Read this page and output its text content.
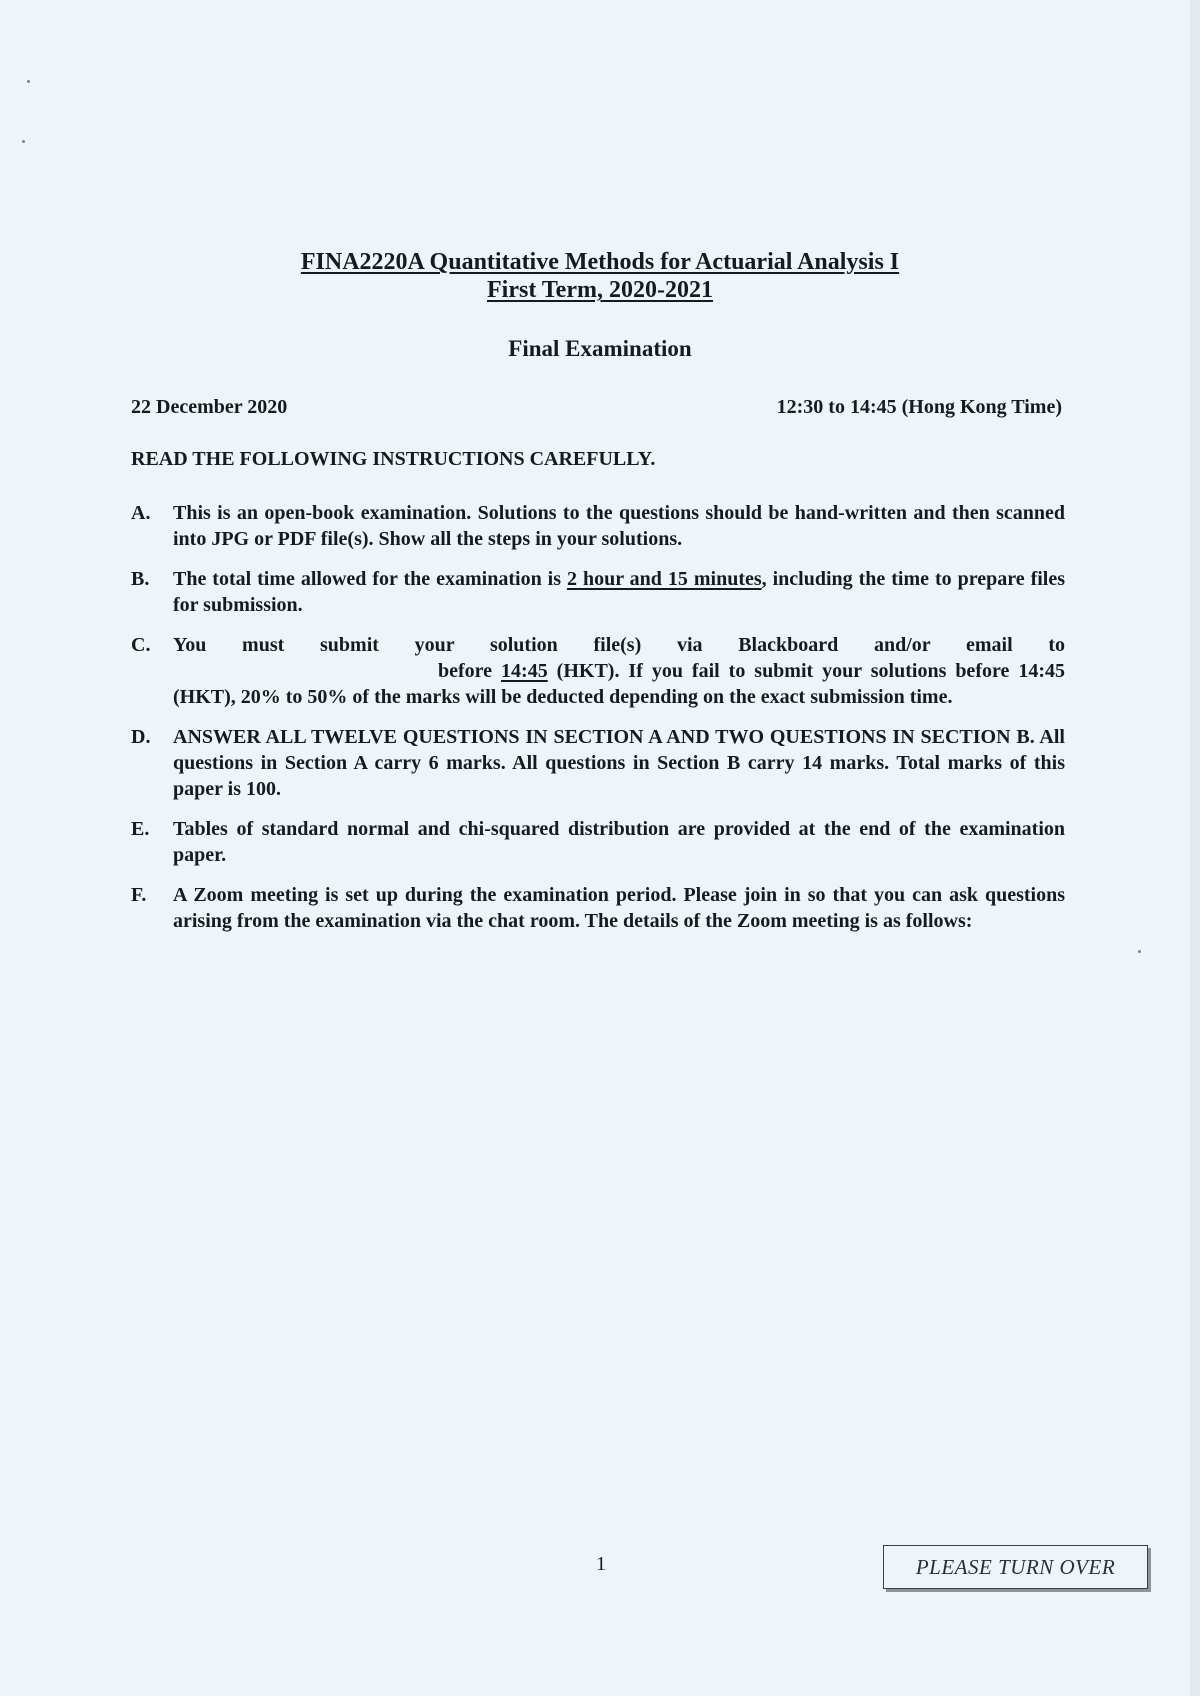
FINA2220A Quantitative Methods for Actuarial Analysis I
First Term, 2020-2021
Final Examination
22 December 2020	12:30 to 14:45 (Hong Kong Time)
READ THE FOLLOWING INSTRUCTIONS CAREFULLY.
A. This is an open-book examination. Solutions to the questions should be hand-written and then scanned into JPG or PDF file(s). Show all the steps in your solutions.
B. The total time allowed for the examination is 2 hour and 15 minutes, including the time to prepare files for submission.
C. You must submit your solution file(s) via Blackboard and/or email to before 14:45 (HKT). If you fail to submit your solutions before 14:45 (HKT), 20% to 50% of the marks will be deducted depending on the exact submission time.
D. ANSWER ALL TWELVE QUESTIONS IN SECTION A AND TWO QUESTIONS IN SECTION B. All questions in Section A carry 6 marks. All questions in Section B carry 14 marks. Total marks of this paper is 100.
E. Tables of standard normal and chi-squared distribution are provided at the end of the examination paper.
F. A Zoom meeting is set up during the examination period. Please join in so that you can ask questions arising from the examination via the chat room. The details of the Zoom meeting is as follows:
1	PLEASE TURN OVER
